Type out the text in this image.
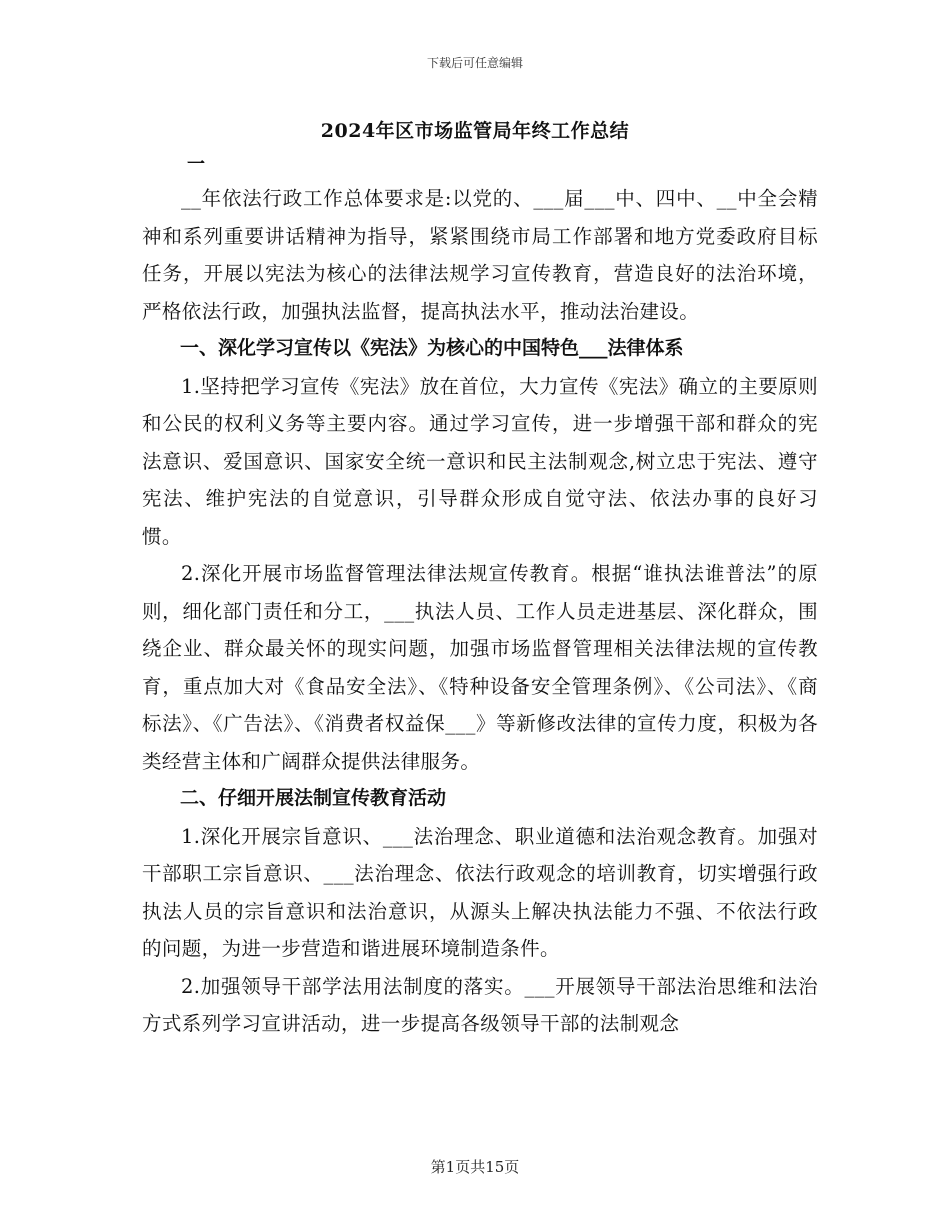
下载后可任意编辑
2024年区市场监管局年终工作总结
一

__年依法行政工作总体要求是:以党的、___届___中、四中、__中全会精神和系列重要讲话精神为指导，紧紧围绕市局工作部署和地方党委政府目标任务，开展以宪法为核心的法律法规学习宣传教育，营造良好的法治环境，严格依法行政，加强执法监督，提高执法水平，推动法治建设。

一、深化学习宣传以《宪法》为核心的中国特色___法律体系

1.坚持把学习宣传《宪法》放在首位，大力宣传《宪法》确立的主要原则和公民的权利义务等主要内容。通过学习宣传，进一步增强干部和群众的宪法意识、爱国意识、国家安全统一意识和民主法制观念,树立忠于宪法、遵守宪法、维护宪法的自觉意识，引导群众形成自觉守法、依法办事的良好习惯。

2.深化开展市场监督管理法律法规宣传教育。根据“谁执法谁普法”的原则，细化部门责任和分工，___执法人员、工作人员走进基层、深化群众，围绕企业、群众最关怀的现实问题，加强市场监督管理相关法律法规的宣传教育，重点加大对《食品安全法》、《特种设备安全管理条例》、《公司法》、《商标法》、《广告法》、《消费者权益保___》等新修改法律的宣传力度，积极为各类经营主体和广阔群众提供法律服务。

二、仔细开展法制宣传教育活动

1.深化开展宗旨意识、___法治理念、职业道德和法治观念教育。加强对干部职工宗旨意识、___法治理念、依法行政观念的培训教育，切实增强行政执法人员的宗旨意识和法治意识，从源头上解决执法能力不强、不依法行政的问题，为进一步营造和谐进展环境制造条件。

2.加强领导干部学法用法制度的落实。___开展领导干部法治思维和法治方式系列学习宣讲活动，进一步提高各级领导干部的法制观念

第1页共15页
